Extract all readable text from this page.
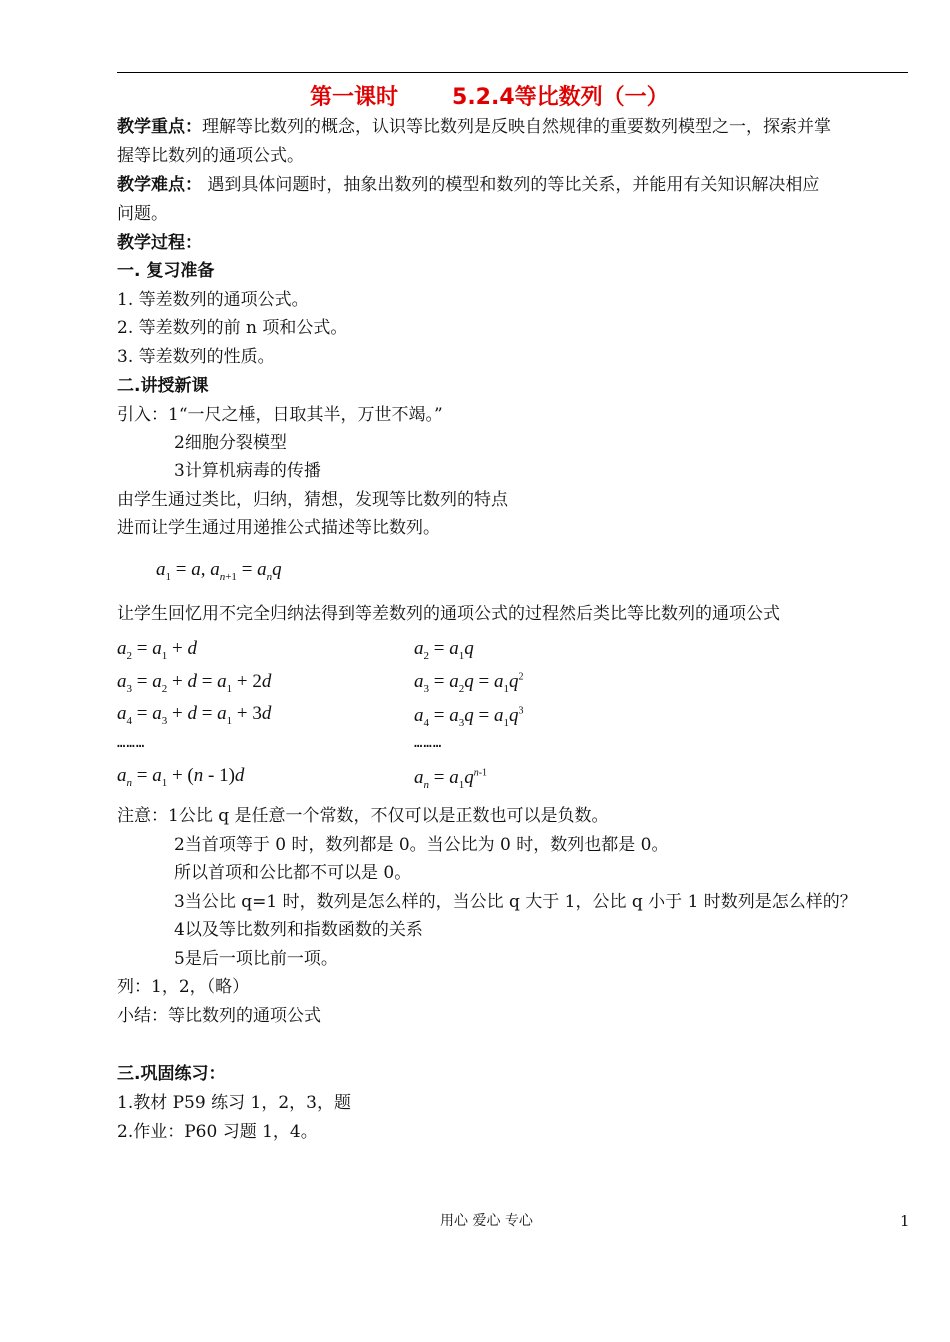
第一课时 5.2.4等比数列（一）
教学重点：理解等比数列的概念，认识等比数列是反映自然规律的重要数列模型之一，探索并掌
握等比数列的通项公式。
教学难点： 遇到具体问题时，抽象出数列的模型和数列的等比关系，并能用有关知识解决相应
问题。
教学过程：
一. 复习准备
1. 等差数列的通项公式。
2. 等差数列的前 n 项和公式。
3. 等差数列的性质。
二.讲授新课
引入：1“一尺之棰，日取其半，万世不竭。”
2细胞分裂模型
3计算机病毒的传播
由学生通过类比，归纳，猜想，发现等比数列的特点
进而让学生通过用递推公式描述等比数列。
$a_1 = a$, $a_{n+1} = a_nq$
让学生回忆用不完全归纳法得到等差数列的通项公式的过程然后类比等比数列的通项公式
$a_2 = a_1 + d$
$a_3 = a_2 + d = a_1 + 2d$
$a_4 = a_3 + d = a_1 + 3d$
………
$a_n = a_1 + (n - 1)d$
$a_2 = a_1q$
$a_3 = a_2q = a_1q^2$
$a_4 = a_3q = a_1q^3$
………
$a_n = a_1q^{n-1}$
注意：1公比 q 是任意一个常数，不仅可以是正数也可以是负数。
2当首项等于 0 时，数列都是 0。当公比为 0 时，数列也都是 0。
所以首项和公比都不可以是 0。
3当公比 q=1 时，数列是怎么样的，当公比 q 大于 1，公比 q 小于 1 时数列是怎么样的？
4以及等比数列和指数函数的关系
5是后一项比前一项。
列：1，2，（略）
小结：等比数列的通项公式
三.巩固练习：
1.教材 P59 练习 1，2，3，题
2.作业：P60 习题 1，4。
用心 爱心 专心	1
